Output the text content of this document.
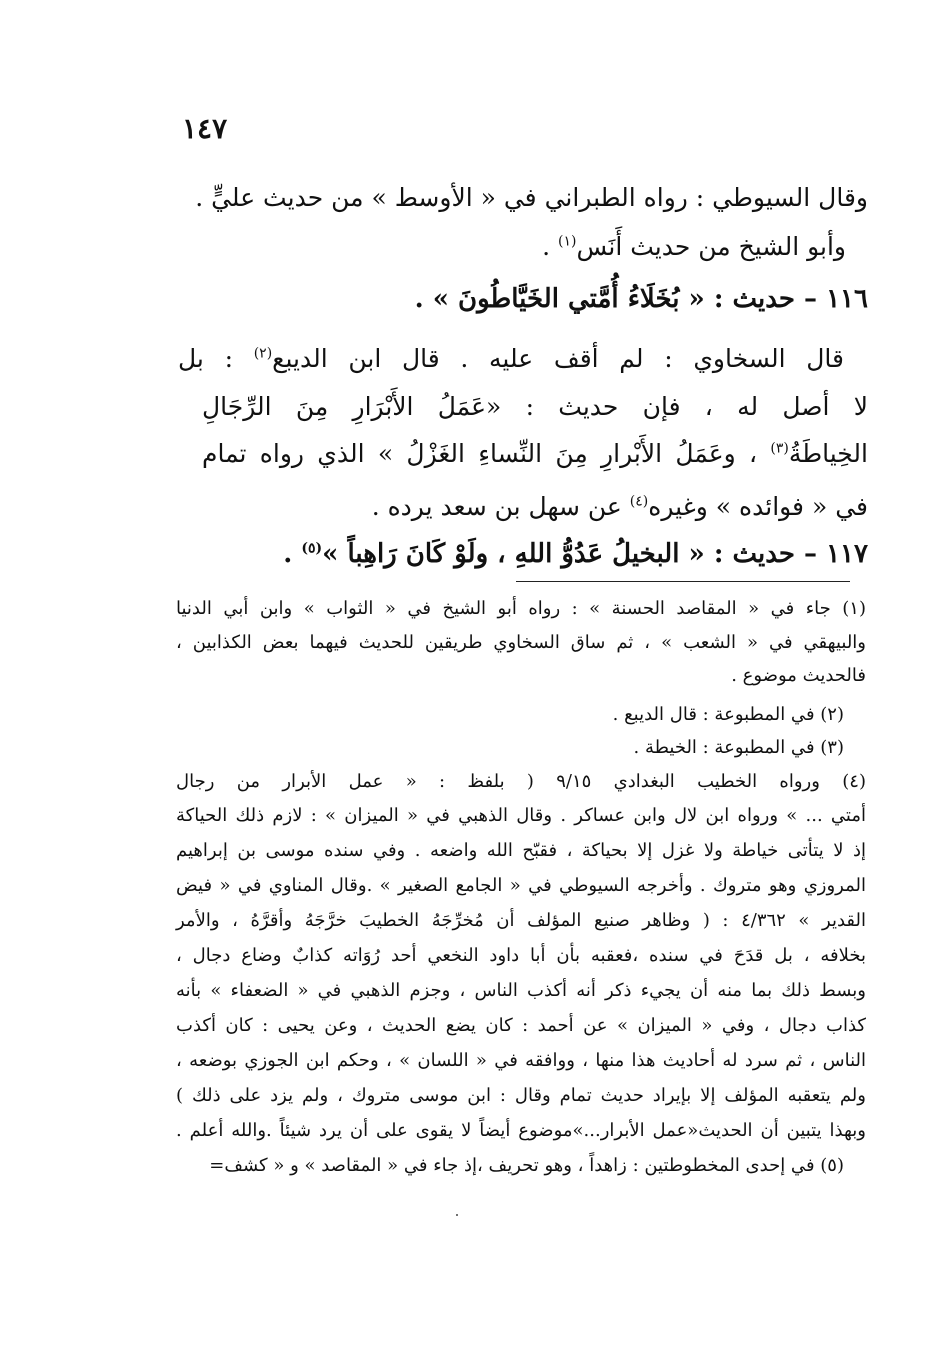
١٤٧
وقال السيوطي : رواه الطبراني في « الأوسط » من حديث عليٍّ .
وأبو الشيخ من حديث أَنَس$^{(١)}$ .
١١٦ – حديث : « بُخَلَاءُ أُمَّتي الخَيَّاطُونَ » .
قال السخاوي : لم أقف عليه . قال ابن الديبع$^{(٢)}$ : بل
لا أصل له ، فإن حديث : «عَمَلُ الأَبْرَارِ مِنَ الرِّجَالِ
الخِياطَةُ$^{(٣)}$ ، وعَمَلُ الأَبْرارِ مِنَ النِّساءِ الغَزْلُ » الذي رواه تمام
في « فوائده » وغيره$^{(٤)}$ عن سهل بن سعد يرده .
١١٧ – حديث : « البخيلُ عَدُوُّ اللهِ ، ولَوْ كَانَ رَاهِباً »$^{(٥)}$ .
(١) جاء في « المقاصد الحسنة » : رواه أبو الشيخ في « الثواب » وابن أبي الدنيا
والبيهقي في « الشعب » ، ثم ساق السخاوي طريقين للحديث فيهما بعض الكذابين ،
فالحديث موضوع .
(٢) في المطبوعة : قال الديبع .
(٣) في المطبوعة : الخيطة .
(٤) ورواه الخطيب البغدادي ٩/١٥ ( بلفظ : « عمل الأبرار من رجال
أمتي ... » ورواه ابن لال وابن عساكر . وقال الذهبي في « الميزان » : لازم ذلك الحياكة
إذ لا يتأتى خياطة ولا غزل إلا بحياكة ، فقبّح الله واضعه . وفي سنده موسى بن إبراهيم
المروزي وهو متروك . وأخرجه السيوطي في « الجامع الصغير » .وقال المناوي في « فيض
القدير » ٤/٣٦٢ : ( وظاهر صنيع المؤلف أن مُخرِّجَهُ الخطيبَ خرَّجَهُ وأقرَّهُ ، والأمر
بخلافه ، بل قدَحَ في سنده ،فعقبه بأن أبا داود النخعي أحد رُوَاته كذابٌ وضاع دجال ،
وبسط ذلك بما منه أن يجيء ذكر أنه أكذب الناس ، وجزم الذهبي في « الضعفاء » بأنه
كذاب دجال ، وفي « الميزان » عن أحمد : كان يضع الحديث ، وعن يحيى : كان أكذب
الناس ، ثم سرد له أحاديث هذا منها ، ووافقه في « اللسان » ، وحكم ابن الجوزي بوضعه ،
ولم يتعقبه المؤلف إلا بإيراد حديث تمام وقال : ابن موسى متروك ، ولم يزد على ذلك )
وبهذا يتبين أن الحديث«عمل الأبرار...»موضوع أيضاً لا يقوى على أن يرد شيئاً .والله أعلم .
(٥) في إحدى المخطوطتين : زاهداً ، وهو تحريف ،إذ جاء في « المقاصد » و « كشف=
